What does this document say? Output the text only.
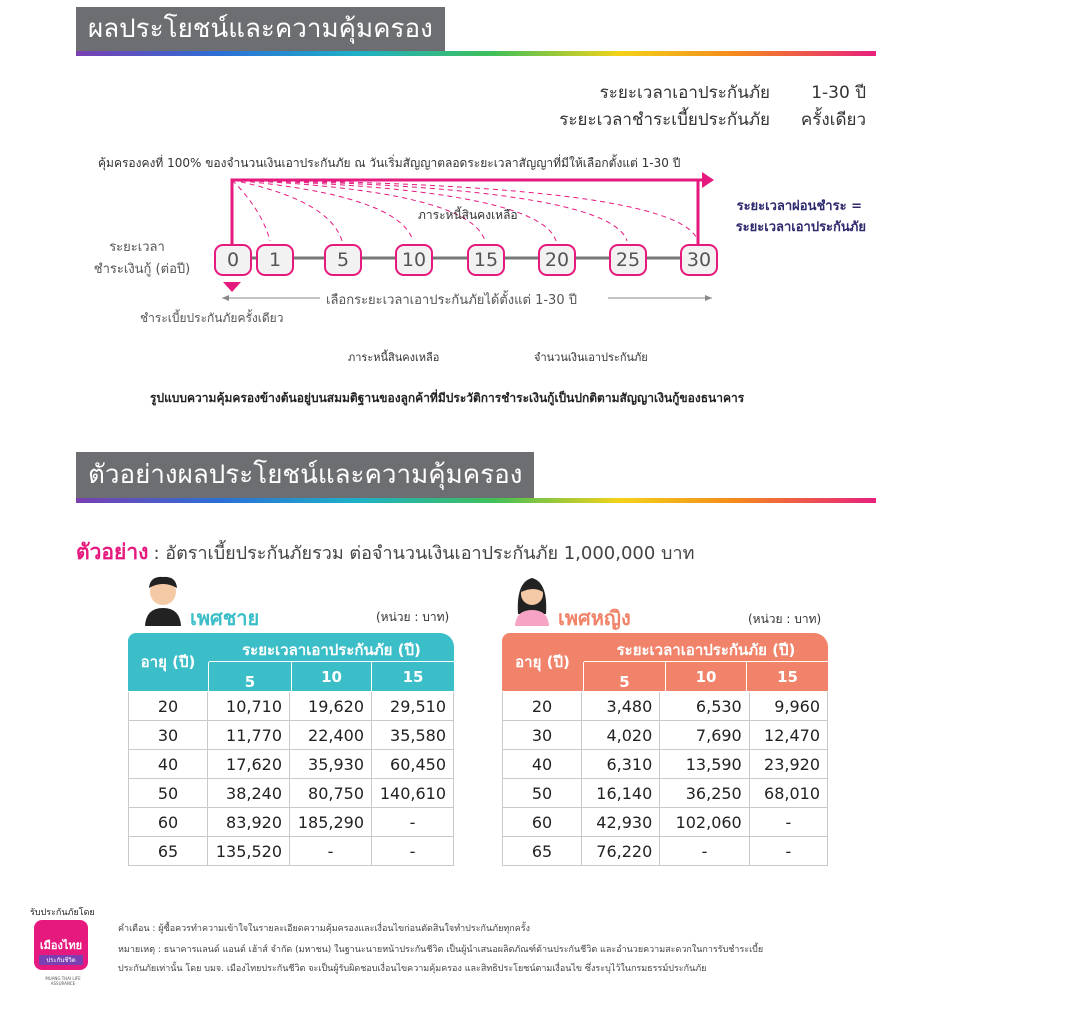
ผลประโยชน์และความคุ้มครอง
ระยะเวลาเอาประกันภัย	1-30 ปี
ระยะเวลาชำระเบี้ยประกันภัย	ครั้งเดียว
คุ้มครองคงที่ 100% ของจำนวนเงินเอาประกันภัย ณ วันเริ่มสัญญาตลอดระยะเวลาสัญญาที่มีให้เลือกตั้งแต่ 1-30 ปี
0	1	5	10	15	20	25	30
ภาระหนี้สินคงเหลือ
ระยะเวลาผ่อนชำระ =
ระยะเวลาเอาประกันภัย
ระยะเวลา
ชำระเงินกู้ (ต่อปี)
เลือกระยะเวลาเอาประกันภัยได้ตั้งแต่ 1-30 ปี
ชำระเบี้ยประกันภัยครั้งเดียว
ภาระหนี้สินคงเหลือ	จำนวนเงินเอาประกันภัย
รูปแบบความคุ้มครองข้างต้นอยู่บนสมมติฐานของลูกค้าที่มีประวัติการชำระเงินกู้เป็นปกติตามสัญญาเงินกู้ของธนาคาร
ตัวอย่างผลประโยชน์และความคุ้มครอง
ตัวอย่าง : อัตราเบี้ยประกันภัยรวม ต่อจำนวนเงินเอาประกันภัย 1,000,000 บาท
เพศชาย	(หน่วย : บาท)
อายุ (ปี)
ระยะเวลาเอาประกันภัย (ปี)
5	10	15
20	10,710	19,620	29,510
30	11,770	22,400	35,580
40	17,620	35,930	60,450
50	38,240	80,750	140,610
60	83,920	185,290	-
65	135,520	-	-
เพศหญิง	(หน่วย : บาท)
อายุ (ปี)
ระยะเวลาเอาประกันภัย (ปี)
5	10	15
20	3,480	6,530	9,960
30	4,020	7,690	12,470
40	6,310	13,590	23,920
50	16,140	36,250	68,010
60	42,930	102,060	-
65	76,220	-	-
รับประกันภัยโดย
เมืองไทย
ประกันชีวิต
MUANG THAI LIFE ASSURANCE
คำเตือน : ผู้ซื้อควรทำความเข้าใจในรายละเอียดความคุ้มครองและเงื่อนไขก่อนตัดสินใจทำประกันภัยทุกครั้ง
หมายเหตุ : ธนาคารแลนด์ แอนด์ เฮ้าส์ จำกัด (มหาชน) ในฐานะนายหน้าประกันชีวิต เป็นผู้นำเสนอผลิตภัณฑ์ด้านประกันชีวิต และอำนวยความสะดวกในการรับชำระเบี้ย
ประกันภัยเท่านั้น โดย บมจ. เมืองไทยประกันชีวิต จะเป็นผู้รับผิดชอบเงื่อนไขความคุ้มครอง และสิทธิประโยชน์ตามเงื่อนไข ซึ่งระบุไว้ในกรมธรรม์ประกันภัย
